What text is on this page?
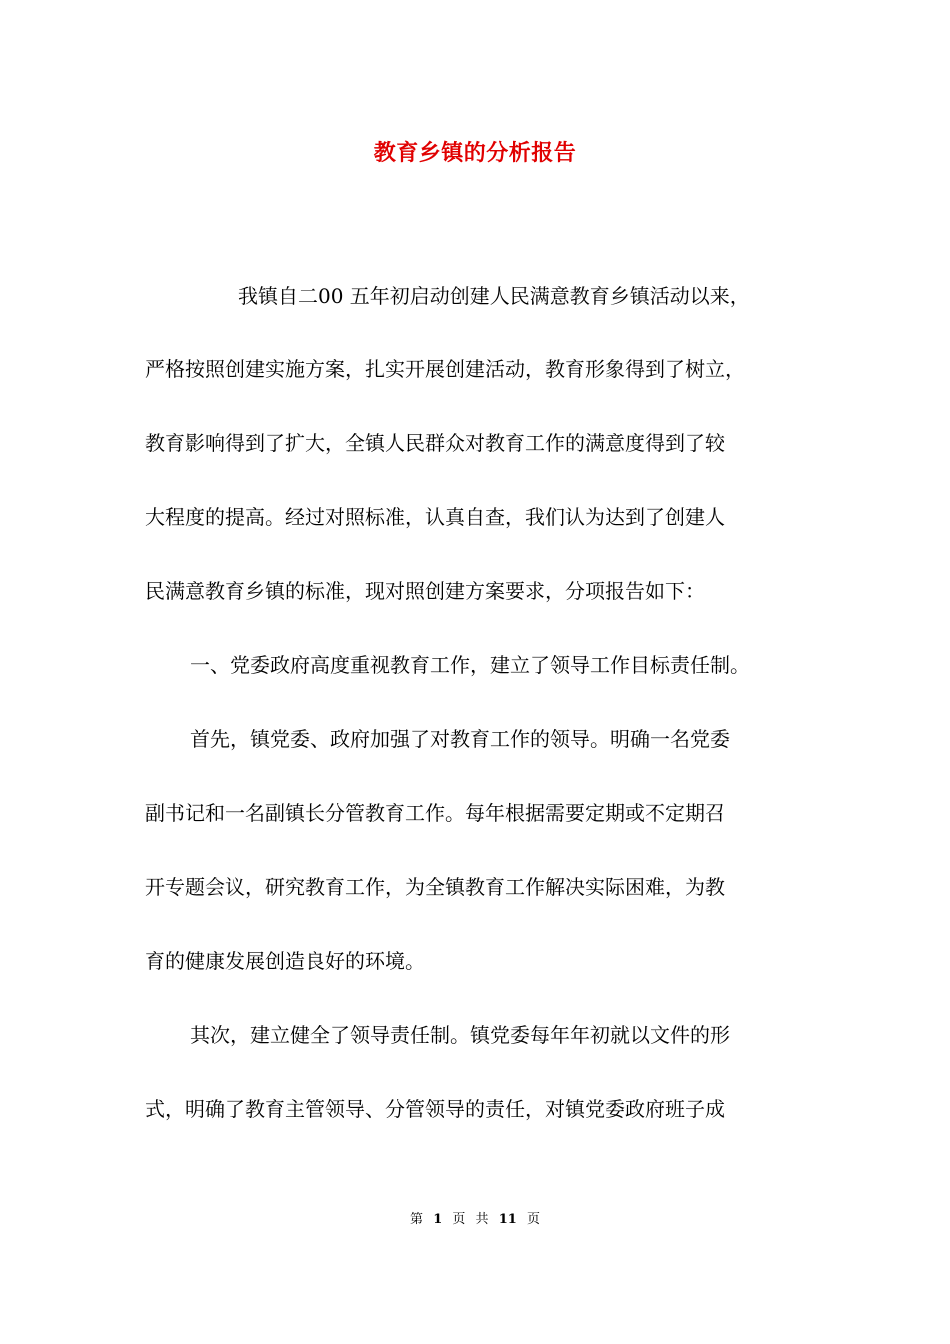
教育乡镇的分析报告
我镇自二00 五年初启动创建人民满意教育乡镇活动以来，
严格按照创建实施方案，扎实开展创建活动，教育形象得到了树立，
教育影响得到了扩大，全镇人民群众对教育工作的满意度得到了较
大程度的提高。经过对照标准，认真自查，我们认为达到了创建人
民满意教育乡镇的标准，现对照创建方案要求，分项报告如下：
一、党委政府高度重视教育工作，建立了领导工作目标责任制。
首先，镇党委、政府加强了对教育工作的领导。明确一名党委
副书记和一名副镇长分管教育工作。每年根据需要定期或不定期召
开专题会议，研究教育工作，为全镇教育工作解决实际困难，为教
育的健康发展创造良好的环境。
其次，建立健全了领导责任制。镇党委每年年初就以文件的形
式，明确了教育主管领导、分管领导的责任，对镇党委政府班子成
第 1 页 共 11 页
